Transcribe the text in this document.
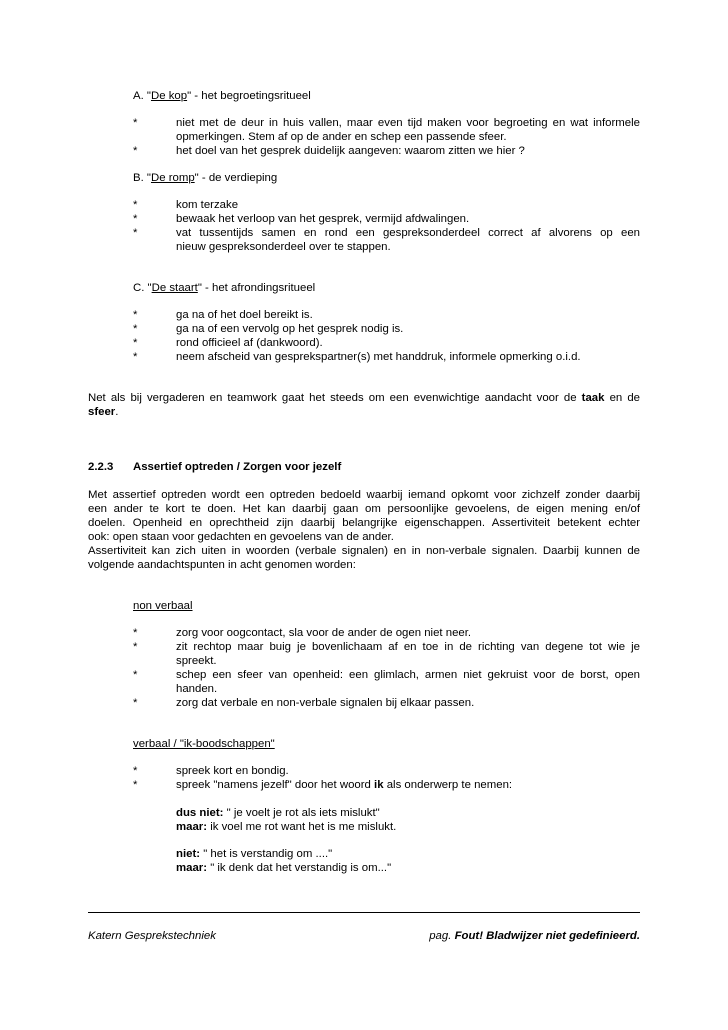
A. "De kop" - het begroetingsritueel
*	niet met de deur in huis vallen, maar even tijd maken voor begroeting en wat informele
opmerkingen. Stem af op de ander en schep een passende sfeer.
*	het doel van het gesprek duidelijk aangeven: waarom zitten we hier ?
B. "De romp" - de verdieping
*	kom terzake
*	bewaak het verloop van het gesprek, vermijd afdwalingen.
*	vat tussentijds samen en rond een gespreksonderdeel correct af alvorens op een
nieuw gespreksonderdeel over te stappen.
C. "De staart" - het afrondingsritueel
*	ga na of het doel bereikt is.
*	ga na of een vervolg op het gesprek nodig is.
*	rond officieel af (dankwoord).
*	neem afscheid van gesprekspartner(s) met handdruk, informele opmerking o.i.d.
Net als bij vergaderen en teamwork gaat het steeds om een evenwichtige aandacht voor de taak en de
sfeer.
2.2.3 Assertief optreden / Zorgen voor jezelf
Met assertief optreden wordt een optreden bedoeld waarbij iemand opkomt voor zichzelf zonder daarbij
een ander te kort te doen. Het kan daarbij gaan om persoonlijke gevoelens, de eigen mening en/of
doelen. Openheid en oprechtheid zijn daarbij belangrijke eigenschappen. Assertiviteit betekent echter
ook: open staan voor gedachten en gevoelens van de ander.
Assertiviteit kan zich uiten in woorden (verbale signalen) en in non-verbale signalen. Daarbij kunnen de
volgende aandachtspunten in acht genomen worden:
non verbaal
*	zorg voor oogcontact, sla voor de ander de ogen niet neer.
*	zit rechtop maar buig je bovenlichaam af en toe in de richting van degene tot wie je
spreekt.
*	schep een sfeer van openheid: een glimlach, armen niet gekruist voor de borst, open
handen.
*	zorg dat verbale en non-verbale signalen bij elkaar passen.
verbaal / "ik-boodschappen"
*	spreek kort en bondig.
*	spreek "namens jezelf" door het woord ik als onderwerp te nemen:
dus niet: " je voelt je rot als iets mislukt"
maar: ik voel me rot want het is me mislukt.
niet: " het is verstandig om ...."
maar: " ik denk dat het verstandig is om..."
Katern Gesprekstechniek	pag. Fout! Bladwijzer niet gedefinieerd.
